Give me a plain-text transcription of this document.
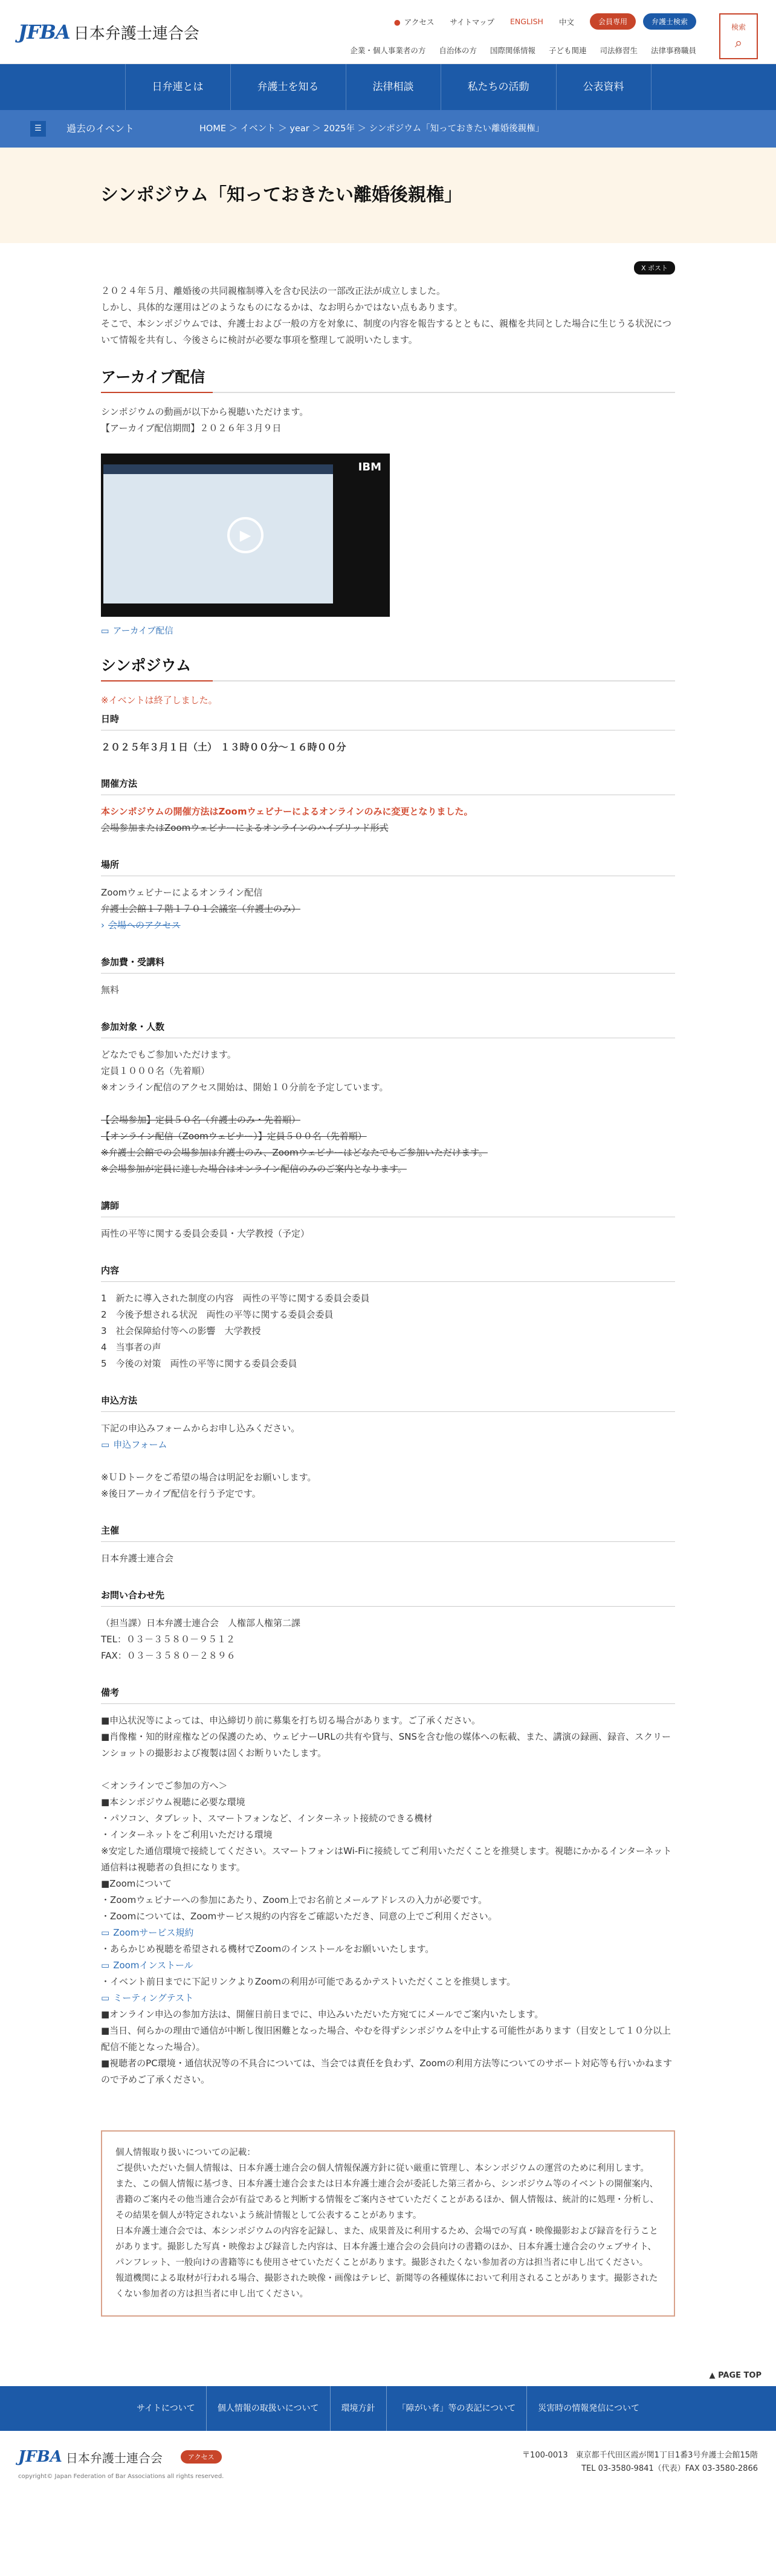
JFBA 日本弁護士連合会
● アクセス サイトマップ ENGLISH 中文	会員専用	弁護士検索
企業・個人事業者の方 自治体の方 国際関係情報 子ども関連 司法修習生 法律事務職員
検索
⌕
日弁連とは	弁護士を知る	法律相談	私たちの活動	公表資料
☰	過去のイベント	HOME ＞ イベント ＞ year ＞ 2025年 ＞ シンポジウム「知っておきたい離婚後親権」
シンポジウム「知っておきたい離婚後親権」
X ポスト

２０２４年５月、離婚後の共同親権制導入を含む民法の一部改正法が成立しました。

しかし、具体的な運用はどのようなものになるかは、なお明らかではない点もあります。

そこで、本シンポジウムでは、弁護士および一般の方を対象に、制度の内容を報告するとともに、親権を共同とした場合に生じうる状況について情報を共有し、今後さらに検討が必要な事項を整理して説明いたします。

アーカイブ配信

シンポジウムの動画が以下から視聴いただけます。

【アーカイブ配信期間】２０２６年３月９日

IBM
▶
▭ アーカイブ配信
シンポジウム

※イベントは終了しました。

日時

２０２５年３月１日（土） １３時００分～１６時００分

開催方法

本シンポジウムの開催方法はZoomウェビナーによるオンラインのみに変更となりました。

会場参加またはZoomウェビナーによるオンラインのハイブリッド形式

場所

Zoomウェビナーによるオンライン配信

弁護士会館１７階１７０１会議室（弁護士のみ）

› 会場へのアクセス

参加費・受講料

無料

参加対象・人数

どなたでもご参加いただけます。

定員１０００名（先着順）

※オンライン配信のアクセス開始は、開始１０分前を予定しています。

【会場参加】定員５０名（弁護士のみ・先着順）

【オンライン配信（Zoomウェビナー）】定員５００名（先着順）

※弁護士会館での会場参加は弁護士のみ、Zoomウェビナーはどなたでもご参加いただけます。

※会場参加が定員に達した場合はオンライン配信のみのご案内となります。

講師

両性の平等に関する委員会委員・大学教授（予定）

内容

1　新たに導入された制度の内容　両性の平等に関する委員会委員

2　今後予想される状況　両性の平等に関する委員会委員

3　社会保障給付等への影響　大学教授

4　当事者の声

5　今後の対策　両性の平等に関する委員会委員

申込方法

下記の申込みフォームからお申し込みください。

▭ 申込フォーム

※ＵＤトークをご希望の場合は明記をお願いします。

※後日アーカイブ配信を行う予定です。

主催

日本弁護士連合会

お問い合わせ先

（担当課）日本弁護士連合会　人権部人権第二課

TEL：０３－３５８０－９５１２

FAX：０３－３５８０－２８９６

備考

■申込状況等によっては、申込締切り前に募集を打ち切る場合があります。ご了承ください。

■肖像権・知的財産権などの保護のため、ウェビナーURLの共有や貸与、SNSを含む他の媒体への転載、また、講演の録画、録音、スクリーンショットの撮影および複製は固くお断りいたします。

＜オンラインでご参加の方へ＞

■本シンポジウム視聴に必要な環境

・パソコン、タブレット、スマートフォンなど、インターネット接続のできる機材

・インターネットをご利用いただける環境

※安定した通信環境で接続してください。スマートフォンはWi-Fiに接続してご利用いただくことを推奨します。視聴にかかるインターネット通信料は視聴者の負担になります。

■Zoomについて

・Zoomウェビナーへの参加にあたり、Zoom上でお名前とメールアドレスの入力が必要です。

・Zoomについては、Zoomサービス規約の内容をご確認いただき、同意の上でご利用ください。

▭ Zoomサービス規約

・あらかじめ視聴を希望される機材でZoomのインストールをお願いいたします。

▭ Zoomインストール

・イベント前日までに下記リンクよりZoomの利用が可能であるかテストいただくことを推奨します。

▭ ミーティングテスト

■オンライン申込の参加方法は、開催日前日までに、申込みいただいた方宛てにメールでご案内いたします。

■当日、何らかの理由で通信が中断し復旧困難となった場合、やむを得ずシンポジウムを中止する可能性があります（目安として１０分以上配信不能となった場合）。

■視聴者のPC環境・通信状況等の不具合については、当会では責任を負わず、Zoomの利用方法等についてのサポート対応等も行いかねますので予めご了承ください。

個人情報取り扱いについての記載：

ご提供いただいた個人情報は、日本弁護士連合会の個人情報保護方針に従い厳重に管理し、本シンポジウムの運営のために利用します。

また、この個人情報に基づき、日本弁護士連合会または日本弁護士連合会が委託した第三者から、シンポジウム等のイベントの開催案内、書籍のご案内その他当連合会が有益であると判断する情報をご案内させていただくことがあるほか、個人情報は、統計的に処理・分析し、その結果を個人が特定されないよう統計情報として公表することがあります。

日本弁護士連合会では、本シンポジウムの内容を記録し、また、成果普及に利用するため、会場での写真・映像撮影および録音を行うことがあります。撮影した写真・映像および録音した内容は、日本弁護士連合会の会員向けの書籍のほか、日本弁護士連合会のウェブサイト、パンフレット、一般向けの書籍等にも使用させていただくことがあります。撮影されたくない参加者の方は担当者に申し出てください。

報道機関による取材が行われる場合、撮影された映像・画像はテレビ、新聞等の各種媒体において利用されることがあります。撮影されたくない参加者の方は担当者に申し出てください。

▲ PAGE TOP
サイトについて	個人情報の取扱いについて	環境方針	「障がい者」等の表記について	災害時の情報発信について
JFBA 日本弁護士連合会	アクセス
copyright© Japan Federation of Bar Associations all rights reserved.
〒100-0013　東京都千代田区霞が関1丁目1番3号弁護士会館15階
TEL 03-3580-9841（代表）FAX 03-3580-2866
